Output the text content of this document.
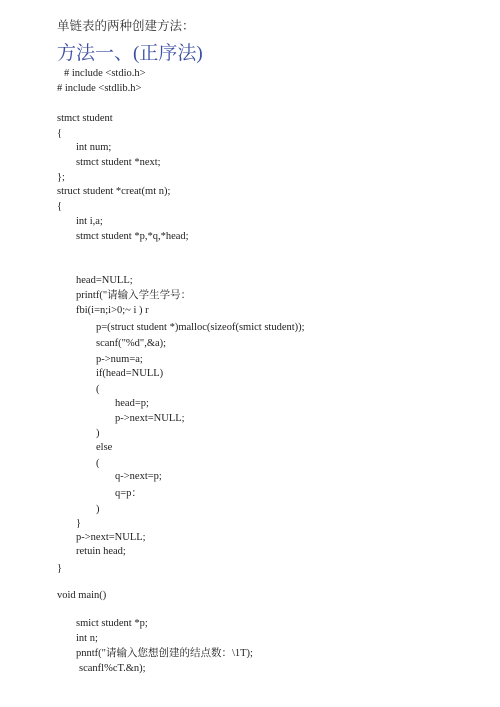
单链表的两种创建方法：
方法一、(正序法)
# include <stdio.h>
# include <stdlib.h>
stmct student
{
int num;
stmct student *next;
};
struct student *creat(mt n);
{
int i,a;
stmct student *p,*q,*head;
head=NULL;
printf("请输入学生学号：
fbi(i=n;i>0;~ i ) r
p=(struct student *)malloc(sizeof(smict student));
scanf("%d",&a);
p->num=a;
if(head=NULL)
(
head=p;
p->next=NULL;
)
else
(
q->next=p;
q=p：
)
}
p->next=NULL;
retuin head;
}
void main()
smict student *p;
int n;
pnntf("请输入您想创建的结点数：\1T);
scanfl%cT.&n);
